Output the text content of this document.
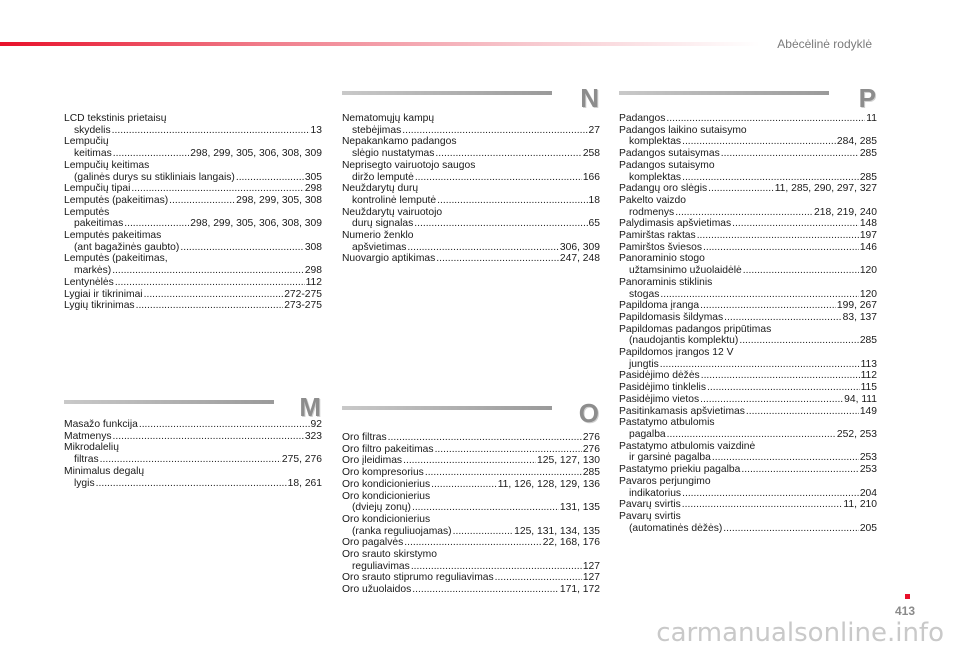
Abėcėlinė rodyklė
LCD tekstinis prietaisų
skydelis .....	13
Lempučių
keitimas .....	298, 299, 305, 306, 308, 309
Lempučių keitimas
(galinės durys su stikliniais langais) .....	305
Lempučių tipai .....	298
Lemputės (pakeitimas) .....	298, 299, 305, 308
Lemputės
pakeitimas .....	298, 299, 305, 306, 308, 309
Lemputės pakeitimas
(ant bagažinės gaubto) .....	308
Lemputės (pakeitimas,
markės) .....	298
Lentynėlės .....	112
Lygiai ir tikrinimai .....	272-275
Lygių tikrinimas .....	273-275
M
Masažo funkcija .....	92
Matmenys .....	323
Mikrodalelių
filtras .....	275, 276
Minimalus degalų
lygis .....	18, 261
N
Nematomųjų kampų
stebėjimas .....	27
Nepakankamo padangos
slėgio nustatymas .....	258
Neprisegto vairuotojo saugos
diržo lemputė .....	166
Neuždarytų durų
kontrolinė lemputė .....	18
Neuždarytų vairuotojo
durų signalas .....	65
Numerio ženklo
apšvietimas .....	306, 309
Nuovargio aptikimas .....	247, 248
O
Oro filtras .....	276
Oro filtro pakeitimas .....	276
Oro įleidimas .....	125, 127, 130
Oro kompresorius .....	285
Oro kondicionierius .....	11, 126, 128, 129, 136
Oro kondicionierius
(dviejų zonų) .....	131, 135
Oro kondicionierius
(ranka reguliuojamas) .....	125, 131, 134, 135
Oro pagalvės .....	22, 168, 176
Oro srauto skirstymo
reguliavimas .....	127
Oro srauto stiprumo reguliavimas .....	127
Oro užuolaidos .....	171, 172
P
Padangos .....	11
Padangos laikino sutaisymo
komplektas .....	284, 285
Padangos sutaisymas .....	285
Padangos sutaisymo
komplektas .....	285
Padangų oro slėgis .....	11, 285, 290, 297, 327
Pakelto vaizdo
rodmenys .....	218, 219, 240
Palydimasis apšvietimas .....	148
Pamirštas raktas .....	197
Pamirštos šviesos .....	146
Panoraminio stogo
užtamsinimo užuolaidėlė .....	120
Panoraminis stiklinis
stogas .....	120
Papildoma įranga .....	199, 267
Papildomasis šildymas .....	83, 137
Papildomas padangos pripūtimas
(naudojantis komplektu) .....	285
Papildomos įrangos 12 V
jungtis .....	113
Pasidėjimo dėžės .....	112
Pasidėjimo tinklelis .....	115
Pasidėjimo vietos .....	94, 111
Pasitinkamasis apšvietimas .....	149
Pastatymo atbulomis
pagalba .....	252, 253
Pastatymo atbulomis vaizdinė
ir garsinė pagalba .....	253
Pastatymo priekiu pagalba .....	253
Pavaros perjungimo
indikatorius .....	204
Pavarų svirtis .....	11, 210
Pavarų svirtis
(automatinės dėžės) .....	205
413
carmanualsonline.info
